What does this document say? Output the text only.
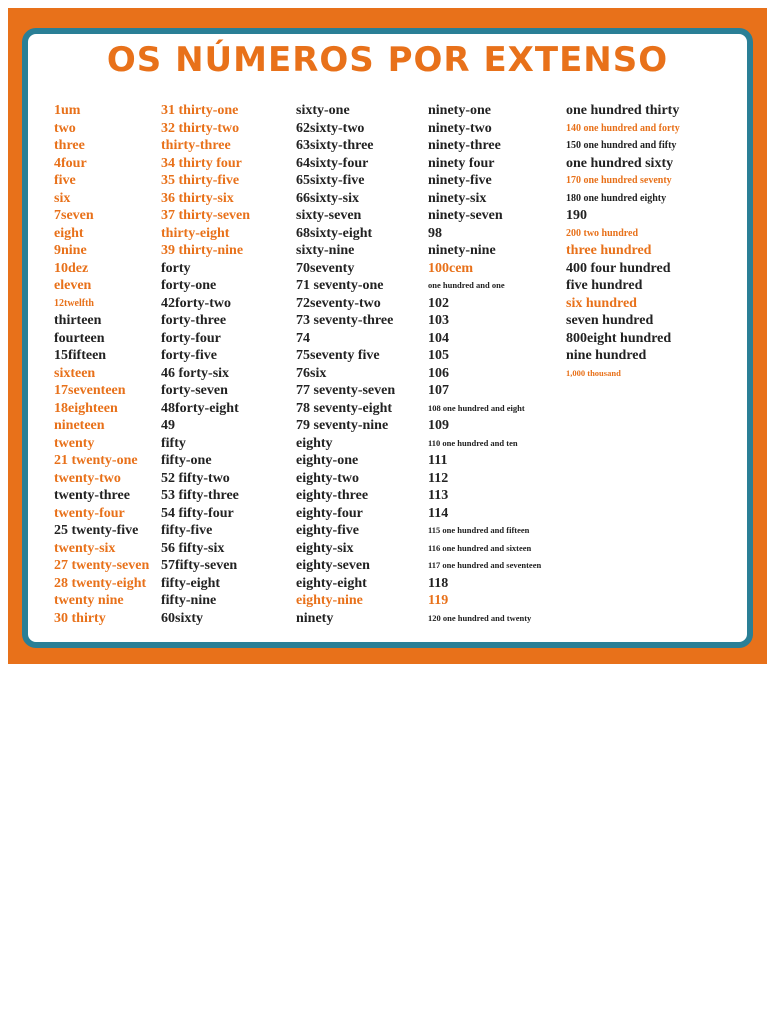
OS NÚMEROS POR EXTENSO
1um
two
three
4four
five
six
7seven
eight
9nine
10dez
eleven
12twelfth
thirteen
fourteen
15fifteen
sixteen
17seventeen
18eighteen
nineteen
twenty
21 twenty-one
twenty-two
twenty-three
twenty-four
25 twenty-five
twenty-six
27 twenty-seven
28 twenty-eight
twenty nine
30 thirty
31 thirty-one
32 thirty-two
thirty-three
34 thirty four
35 thirty-five
36 thirty-six
37 thirty-seven
thirty-eight
39 thirty-nine
forty
forty-one
42forty-two
forty-three
forty-four
forty-five
46 forty-six
forty-seven
48forty-eight
49
fifty
fifty-one
52 fifty-two
53 fifty-three
54 fifty-four
fifty-five
56 fifty-six
57fifty-seven
fifty-eight
fifty-nine
60sixty
sixty-one
62sixty-two
63sixty-three
64sixty-four
65sixty-five
66sixty-six
sixty-seven
68sixty-eight
sixty-nine
70seventy
71 seventy-one
72seventy-two
73 seventy-three
74
75seventy five
76six
77 seventy-seven
78 seventy-eight
79 seventy-nine
eighty
eighty-one
eighty-two
eighty-three
eighty-four
eighty-five
eighty-six
eighty-seven
eighty-eight
eighty-nine
ninety
ninety-one
ninety-two
ninety-three
ninety four
ninety-five
ninety-six
ninety-seven
98
ninety-nine
100cem
one hundred and one
102
103
104
105
106
107
108 one hundred and eight
109
110 one hundred and ten
111
112
113
114
115 one hundred and fifteen
116 one hundred and sixteen
117 one hundred and seventeen
118
119
120 one hundred and twenty
one hundred thirty
140 one hundred and forty
150 one hundred and fifty
one hundred sixty
170 one hundred seventy
180 one hundred eighty
190
200 two hundred
three hundred
400 four hundred
five hundred
six hundred
seven hundred
800eight hundred
nine hundred
1,000 thousand
